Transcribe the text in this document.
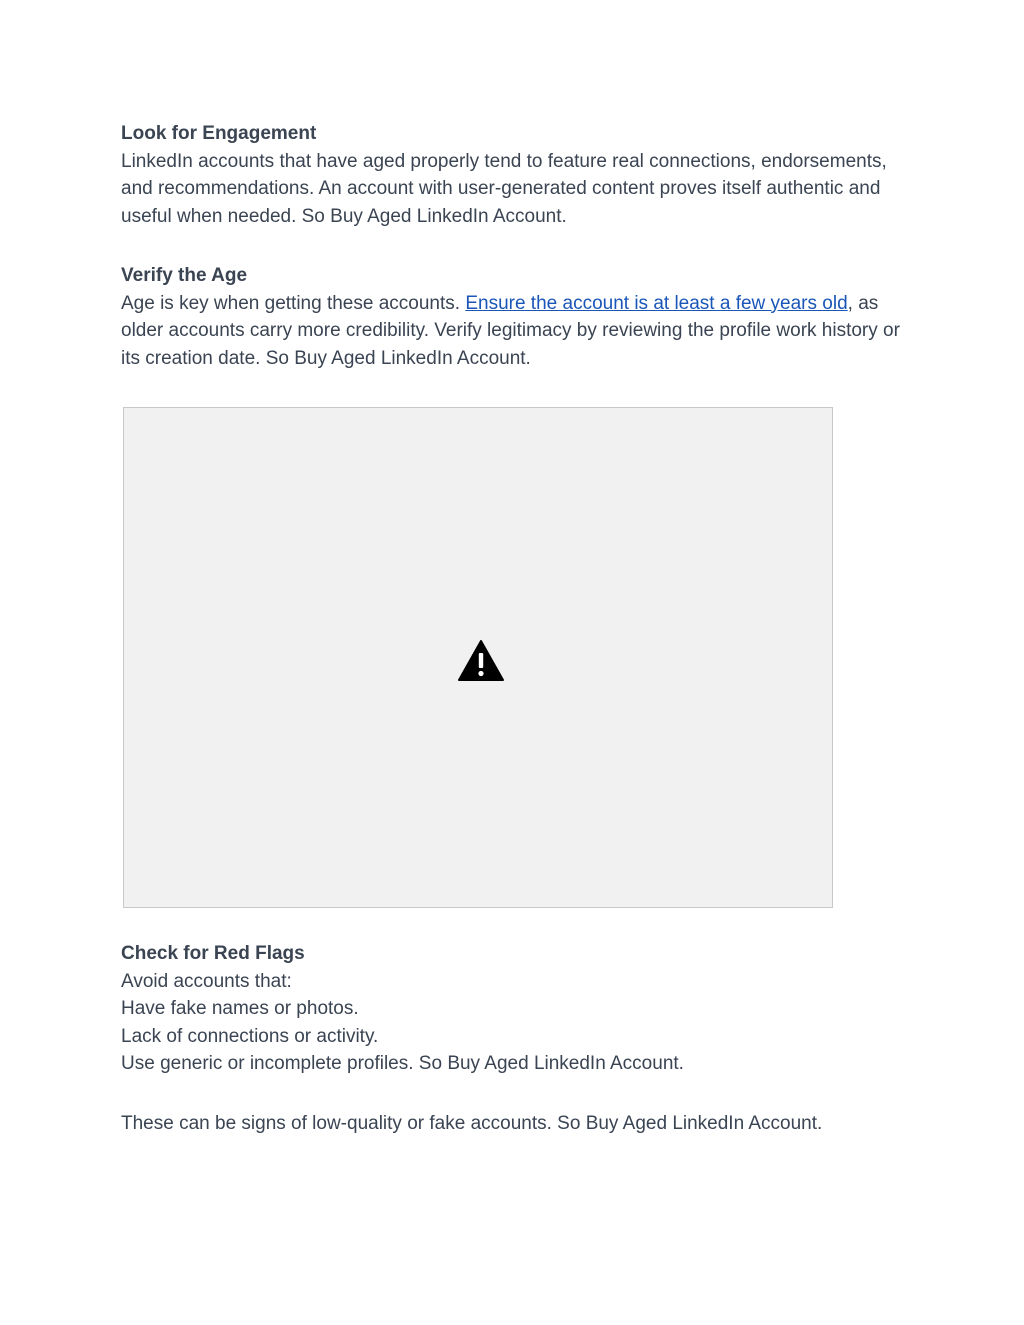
Look for Engagement

LinkedIn accounts that have aged properly tend to feature real connections, endorsements, and recommendations. An account with user-generated content proves itself authentic and useful when needed. So Buy Aged LinkedIn Account.

Verify the Age

Age is key when getting these accounts. Ensure the account is at least a few years old, as older accounts carry more credibility. Verify legitimacy by reviewing the profile work history or its creation date. So Buy Aged LinkedIn Account.

Check for Red Flags

Avoid accounts that:
Have fake names or photos.
Lack of connections or activity.
Use generic or incomplete profiles. So Buy Aged LinkedIn Account.

These can be signs of low-quality or fake accounts. So Buy Aged LinkedIn Account.
